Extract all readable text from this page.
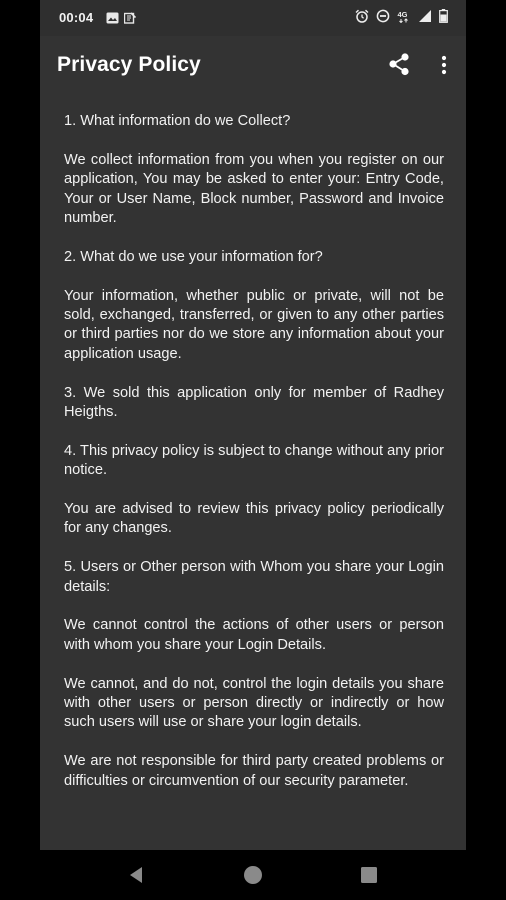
00:04	4G
Privacy Policy

1. What information do we Collect?

We collect information from you when you register on our application, You may be asked to enter your: Entry Code, Your or User Name, Block number, Password and Invoice number.

2. What do we use your information for?

Your information, whether public or private, will not be sold, exchanged, transferred, or given to any other parties or third parties nor do we store any information about your application usage.

3. We sold this application only for member of Radhey Heigths.

4. This privacy policy is subject to change without any prior notice.

You are advised to review this privacy policy periodically for any changes.

5. Users or Other person with Whom you share your Login details:

We cannot control the actions of other users or person with whom you share your Login Details.

We cannot, and do not, control the login details you share with other users or person directly or indirectly or how such users will use or share your login details.

We are not responsible for third party created problems or difficulties or circumvention of our security parameter.
